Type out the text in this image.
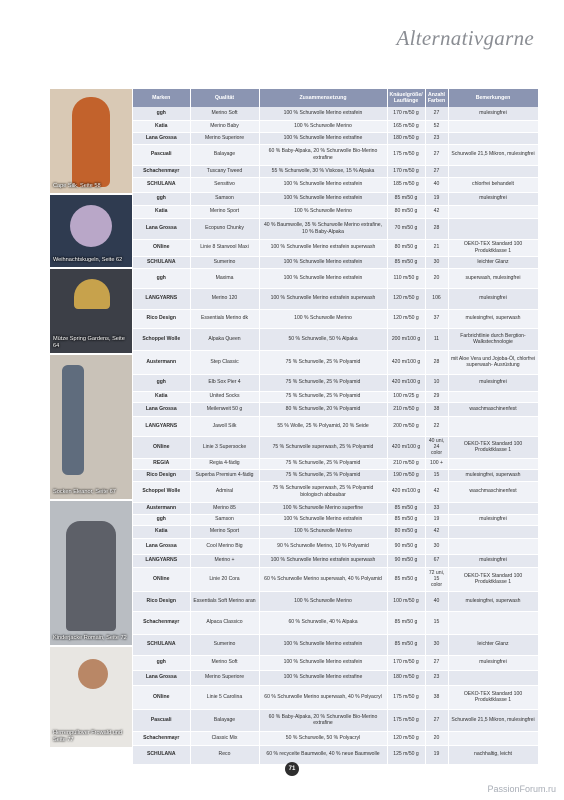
Alternativgarne
Cape Silk, Seite 58
Weihnachtskugeln, Seite 62
Mütze Spring Gardens, Seite 64
Socken Eleanor, Seite 67
Kinderjacke Romain, Seite 72
Herrenpullover Frowald und Seite 77
Marken	Qualität	Zusammensetzung	Knäuelgröße/ Lauflänge	Anzahl Farben	Bemerkungen
ggh	Merino Soft	100 % Schurwolle Merino extrafein	170 m/50 g	27	mulesingfrei
Katia	Merino Baby	100 % Schurwolle Merino	165 m/50 g	52	
Lana Grossa	Merino Superiore	100 % Schurwolle Merino extrafine	180 m/50 g	23	
Pascuali	Balayage	60 % Baby-Alpaka, 20 % Schurwolle Bio-Merino extrafine	175 m/50 g	27	Schurwolle 21,5 Mikron, mulesingfrei
Schachenmayr	Tuscany Tweed	55 % Schurwolle, 30 % Viskose, 15 % Alpaka	170 m/50 g	27	
SCHULANA	Sensitivo	100 % Schurwolle Merino extrafein	185 m/50 g	40	chlorfrei behandelt
ggh	Samson	100 % Schurwolle Merino extrafein	85 m/50 g	19	mulesingfrei
Katia	Merino Sport	100 % Schurwolle Merino	80 m/50 g	42	
Lana Grossa	Ecopuno Chunky	40 % Baumwolle, 35 % Schurwolle Merino extrafine, 10 % Baby-Alpaka	70 m/50 g	28	
ONline	Linie 8 Starwool Maxi	100 % Schurwolle Merino extrafein superwash	80 m/50 g	21	OEKO-TEX Standard 100 Produktklasse 1
SCHULANA	Sumerino	100 % Schurwolle Merino extrafein	85 m/50 g	30	leichter Glanz
ggh	Maxima	100 % Schurwolle Merino extrafein	110 m/50 g	20	superwash, mulesingfrei
LANGYARNS	Merino 120	100 % Schurwolle Merino extrafein superwash	120 m/50 g	106	mulesingfrei
Rico Design	Essentials Merino dk	100 % Schurwolle Merino	120 m/50 g	37	mulesingfrei, superwash
Schoppel Wolle	Alpaka Queen	50 % Schurwolle, 50 % Alpaka	200 m/100 g	11	Farbrichtlinie durch Bergtion- Walkstechnologie
Austermann	Step Classic	75 % Schurwolle, 25 % Polyamid	420 m/100 g	28	mit Aloe Vera und Jojoba-Öl, chlorfrei superwash- Ausrüstung
ggh	Elb Sox Pier 4	75 % Schurwolle, 25 % Polyamid	420 m/100 g	10	mulesingfrei
Katia	United Socks	75 % Schurwolle, 25 % Polyamid	100 m/25 g	29	
Lana Grossa	Meilenweit 50 g	80 % Schurwolle, 20 % Polyamid	210 m/50 g	38	waschmaschinenfest
LANGYARNS	Jawoll Silk	55 % Wolle, 25 % Polyamid, 20 % Seide	200 m/50 g	22	
ONline	Linie 3 Supersocke	75 % Schurwolle superwash, 25 % Polyamid	420 m/100 g	40 uni, 24 color	OEKO-TEX Standard 100 Produktklasse 1
REGIA	Regia 4-fädig	75 % Schurwolle, 25 % Polyamid	210 m/50 g	100 +	
Rico Design	Superba Premium 4-fädig	75 % Schurwolle, 25 % Polyamid	190 m/50 g	15	mulesingfrei, superwash
Schoppel Wolle	Admiral	75 % Schurwolle superwash, 25 % Polyamid biologisch abbaubar	420 m/100 g	42	waschmaschinenfest
Austermann	Merino 85	100 % Schurwolle Merino superfine	85 m/50 g	33	
ggh	Samson	100 % Schurwolle Merino extrafein	85 m/50 g	19	mulesingfrei
Katia	Merino Sport	100 % Schurwolle Merino	80 m/50 g	42	
Lana Grossa	Cool Merino Big	90 % Schurwolle Merino, 10 % Polyamid	90 m/50 g	30	
LANGYARNS	Merino +	100 % Schurwolle Merino extrafein superwash	90 m/50 g	67	mulesingfrei
ONline	Linie 20 Cora	60 % Schurwolle Merino superwash, 40 % Polyamid	85 m/50 g	72 uni, 15 color	OEKO-TEX Standard 100 Produktklasse 1
Rico Design	Essentials Soft Merino aran	100 % Schurwolle Merino	100 m/50 g	40	mulesingfrei, superwash
Schachenmayr	Alpaca Classico	60 % Schurwolle, 40 % Alpaka	85 m/50 g	15	
SCHULANA	Sumerino	100 % Schurwolle Merino extrafein	85 m/50 g	30	leichter Glanz
ggh	Merino Soft	100 % Schurwolle Merino extrafein	170 m/50 g	27	mulesingfrei
Lana Grossa	Merino Superiore	100 % Schurwolle Merino extrafine	180 m/50 g	23	
ONline	Linie 5 Carolina	60 % Schurwolle Merino superwash, 40 % Polyacryl	175 m/50 g	38	OEKO-TEX Standard 100 Produktklasse 1
Pascuali	Balayage	60 % Baby-Alpaka, 20 % Schurwolle Bio-Merino extrafine	175 m/50 g	27	Schurwolle 21,5 Mikron, mulesingfrei
Schachenmayr	Classic Mix	50 % Schurwolle, 50 % Polyacryl	120 m/50 g	20	
SCHULANA	Reco	60 % recycelte Baumwolle, 40 % neue Baumwolle	125 m/50 g	19	nachhaltig, leicht
71
PassionForum.ru
